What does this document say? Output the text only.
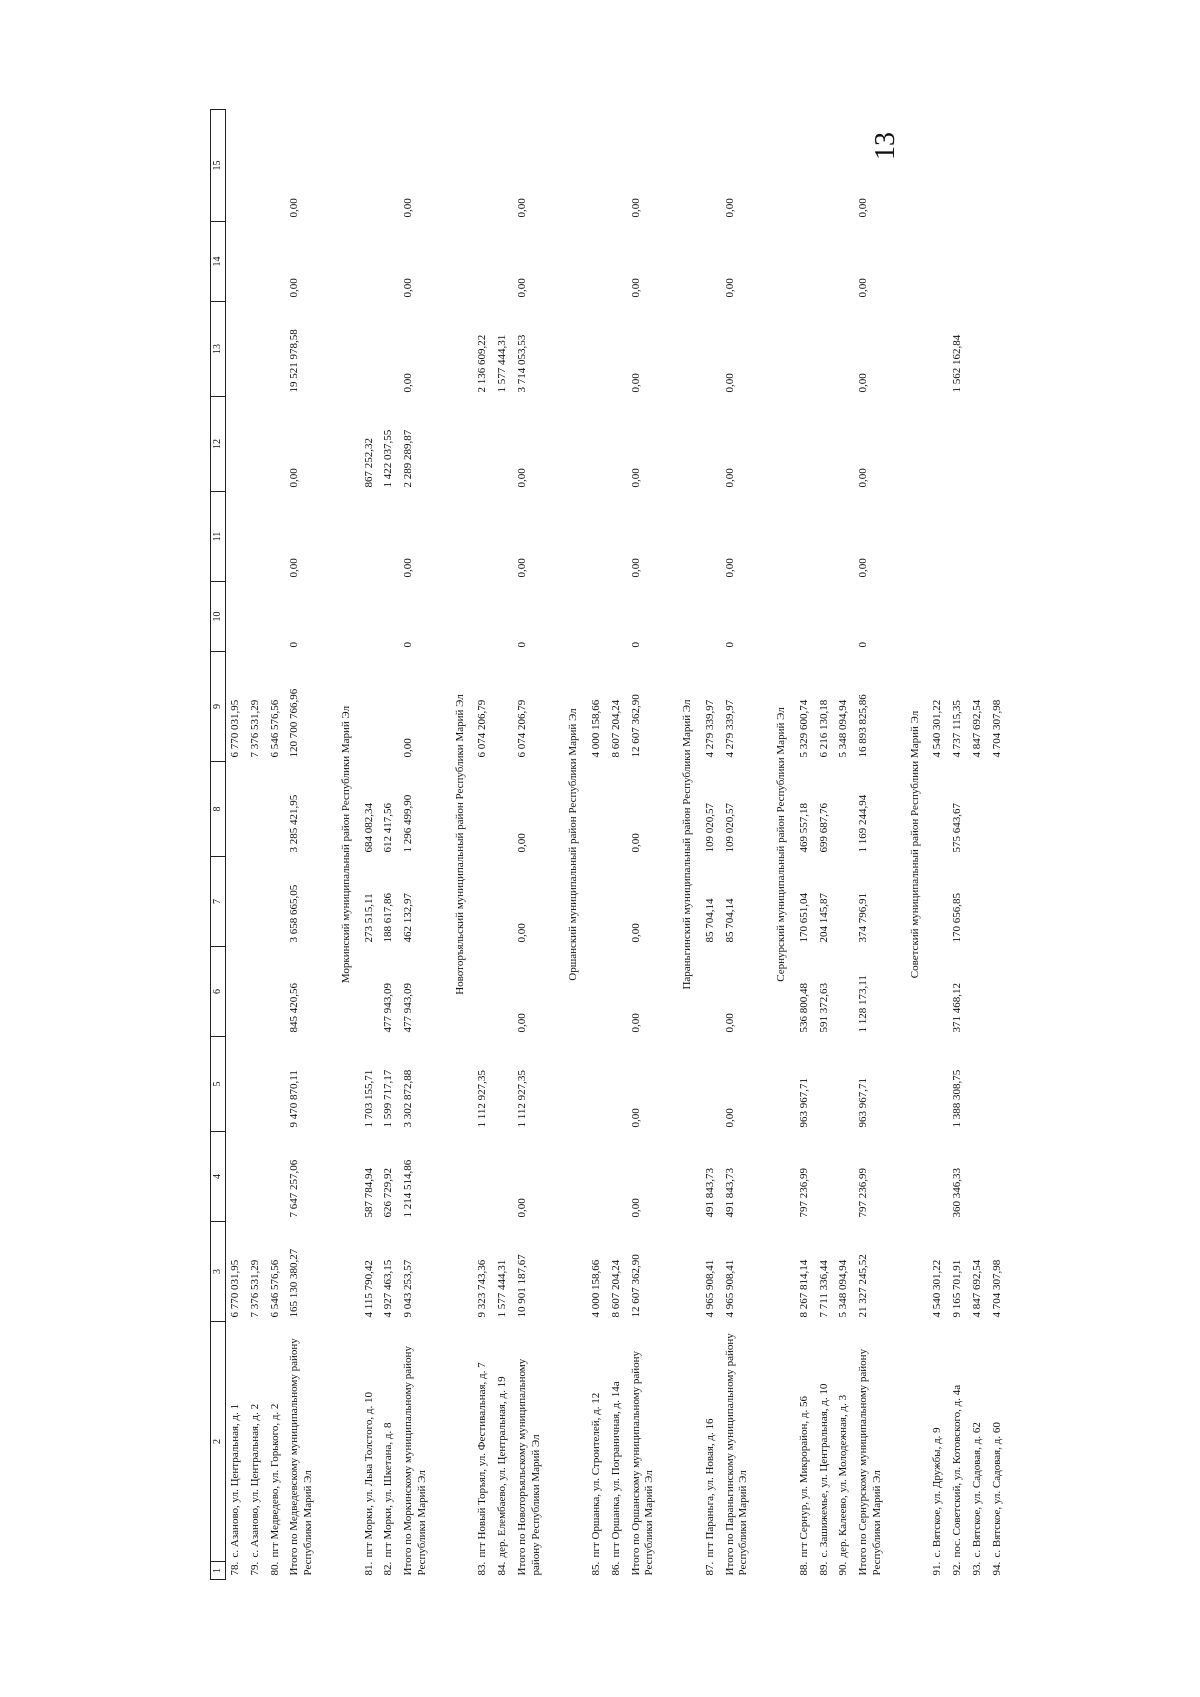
13
1	2	3	4	5	6	7	8	9	10	11	12	13	14	15
78.	с. Азаново, ул. Центральная, д. 1	6 770 031,95						6 770 031,95						
79.	с. Азаново, ул. Центральная, д. 2	7 376 531,29						7 376 531,29						
80.	пгт Медведево, ул. Горького, д. 2	6 546 576,56						6 546 576,56						
Итого по Медведевскому муниципальному району Республики Марий Эл		165 130 380,27	7 647 257,06	9 470 870,11	845 420,56	3 658 665,05	3 285 421,95	120 700 766,96	0	0,00	0,00	19 521 978,58	0,00	0,00
Моркинский муниципальный район Республики Марий Эл														
81.	пгт Морки, ул. Льва Толстого, д. 10	4 115 790,42	587 784,94	1 703 155,71		273 515,11	684 082,34				867 252,32			
82.	пгт Морки, ул. Шкетана, д. 8	4 927 463,15	626 729,92	1 599 717,17	477 943,09	188 617,86	612 417,56				1 422 037,55			
Итого по Моркинскому муниципальному району Республики Марий Эл		9 043 253,57	1 214 514,86	3 302 872,88	477 943,09	462 132,97	1 296 499,90	0,00	0	0,00	2 289 289,87	0,00	0,00	0,00
Новоторъяльский муниципальный район Республики Марий Эл														
83.	пгт Новый Торъял, ул. Фестивальная, д. 7	9 323 743,36		1 112 927,35				6 074 206,79				2 136 609,22		
84.	дер. Елембаево, ул. Центральная, д. 19	1 577 444,31										1 577 444,31		
Итого по Новоторъяльскому муниципальному району Республики Марий Эл		10 901 187,67	0,00	1 112 927,35	0,00	0,00	0,00	6 074 206,79	0	0,00	0,00	3 714 053,53	0,00	0,00
Оршанский муниципальный район Республики Марий Эл														
85.	пгт Оршанка, ул. Строителей, д. 12	4 000 158,66						4 000 158,66						
86.	пгт Оршанка, ул. Пограничная, д. 14а	8 607 204,24						8 607 204,24						
Итого по Оршанскому муниципальному району Республики Марий Эл		12 607 362,90	0,00	0,00	0,00	0,00	0,00	12 607 362,90	0	0,00	0,00	0,00	0,00	0,00
Параньгинский муниципальный район Республики Марий Эл														
87.	пгт Параньга, ул. Новая, д. 16	4 965 908,41	491 843,73			85 704,14	109 020,57	4 279 339,97						
Итого по Параньгинскому муниципальному району Республики Марий Эл		4 965 908,41	491 843,73	0,00	0,00	85 704,14	109 020,57	4 279 339,97	0	0,00	0,00	0,00	0,00	0,00
Сернурский муниципальный район Республики Марий Эл														
88.	пгт Сернур, ул. Микрорайон, д. 56	8 267 814,14	797 236,99	963 967,71	536 800,48	170 651,04	469 557,18	5 329 600,74						
89.	с. Зашижемье, ул. Центральная, д. 10	7 711 336,44			591 372,63	204 145,87	699 687,76	6 216 130,18						
90.	дер. Калеево, ул. Молодежная, д. 3	5 348 094,94						5 348 094,94						
Итого по Сернурскому муниципальному району Республики Марий Эл		21 327 245,52	797 236,99	963 967,71	1 128 173,11	374 796,91	1 169 244,94	16 893 825,86	0	0,00	0,00	0,00	0,00	0,00
Советский муниципальный район Республики Марий Эл														
91.	с. Вятское, ул. Дружбы, д. 9	4 540 301,22						4 540 301,22						
92.	пос. Советский, ул. Котовского, д. 4а	9 165 701,91	360 346,33	1 388 308,75	371 468,12	170 656,85	575 643,67	4 737 115,35				1 562 162,84		
93.	с. Вятское, ул. Садовая, д. 62	4 847 692,54						4 847 692,54						
94.	с. Вятское, ул. Садовая, д. 60	4 704 307,98						4 704 307,98						
